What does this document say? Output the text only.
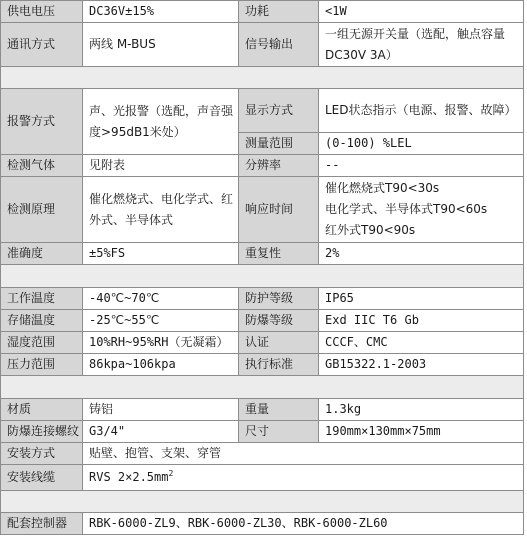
供电电压	DC36V±15%	功耗	<1W
通讯方式	两线 M-BUS	信号输出	一组无源开关量（选配，触点容量DC30V 3A）

报警方式	声、光报警（选配，声音强度>95dB1米处）	显示方式	LED状态指示（电源、报警、故障）
		测量范围	(0-100) %LEL
检测气体	见附表	分辨率	--
检测原理	催化燃烧式、电化学式、红外式、半导体式	响应时间	催化燃烧式T90<30s
电化学式、半导体式T90<60s
红外式T90<90s

准确度	±5%FS	重复性	2%

工作温度	-40℃~70℃	防护等级	IP65
存储温度	-25℃~55℃	防爆等级	Exd IIC T6 Gb
湿度范围	10%RH~95%RH（无凝霜）	认证	CCCF、CMC
压力范围	86kpa~106kpa	执行标准	GB15322.1-2003

材质	铸铝	重量	1.3kg
防爆连接螺纹	G3/4"	尺寸	190mm×130mm×75mm
安装方式	贴壁、抱管、支架、穿管		
安装线缆	RVS $2\times 2.5mm^2$

配套控制器	RBK-6000-ZL9、RBK-6000-ZL30、RBK-6000-ZL60		
